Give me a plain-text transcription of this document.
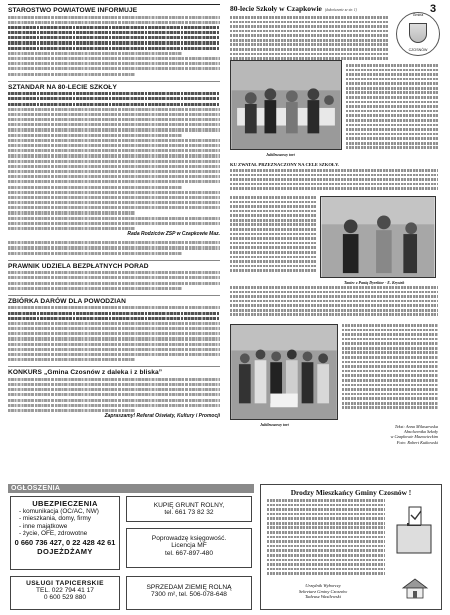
3
STAROSTWO POWIATOWE INFORMUJE
SZTANDAR NA 80-LECIE SZKOŁY
Rada Rodziców ZSP w Czapkowie Maz.
PRAWNIK UDZIELA BEZPŁATNYCH PORAD
ZBIÓRKA DARÓW DLA POWODZIAN
KONKURS „Gmina Czosnów z daleka i z bliska”
Zapraszamy! Referat Oświaty, Kultury i Promocji
80-lecie Szkoły w Czapkowie (dokończenie ze str. 1)
Gmina
CZOSNÓW
Jubileuszowy tort
KU ZWATAŁ PRZEZNACZONY NA CELE SZKOŁY.
Taniec z Panią Dyrektor - E. Krystek
Jubileuszowy tort	Tekst: Anna Milaszewska
Absolwentka Szkoły
w Czapkowie Mazowieckim
Foto: Robert Kutkowski
OGŁOSZENIA
UBEZPIECZENIA
- komunikacja (OC/AC, NW)
- mieszkania, domy, firmy
- inne majątkowe
- życie, OFE, zdrowotne
0 660 736 427, 0 22 428 42 61
DOJEŻDŻAMY
KUPIĘ GRUNT ROLNY,
tel. 661 73 82 32
Poprowadzę księgowość.
Licencja MF
tel. 667-897-480
USŁUGI TAPICERSKIE
TEL. 022 794 41 17
0 600 529 880
SPRZEDAM ZIEMIĘ ROLNĄ
7300 m², tel. 506-078-648
Drodzy Mieszkańcy Gminy Czosnów !
Urzędnik Wyborczy
Sekretarz Gminy Czosnów
Tadeusz Wasilewski
